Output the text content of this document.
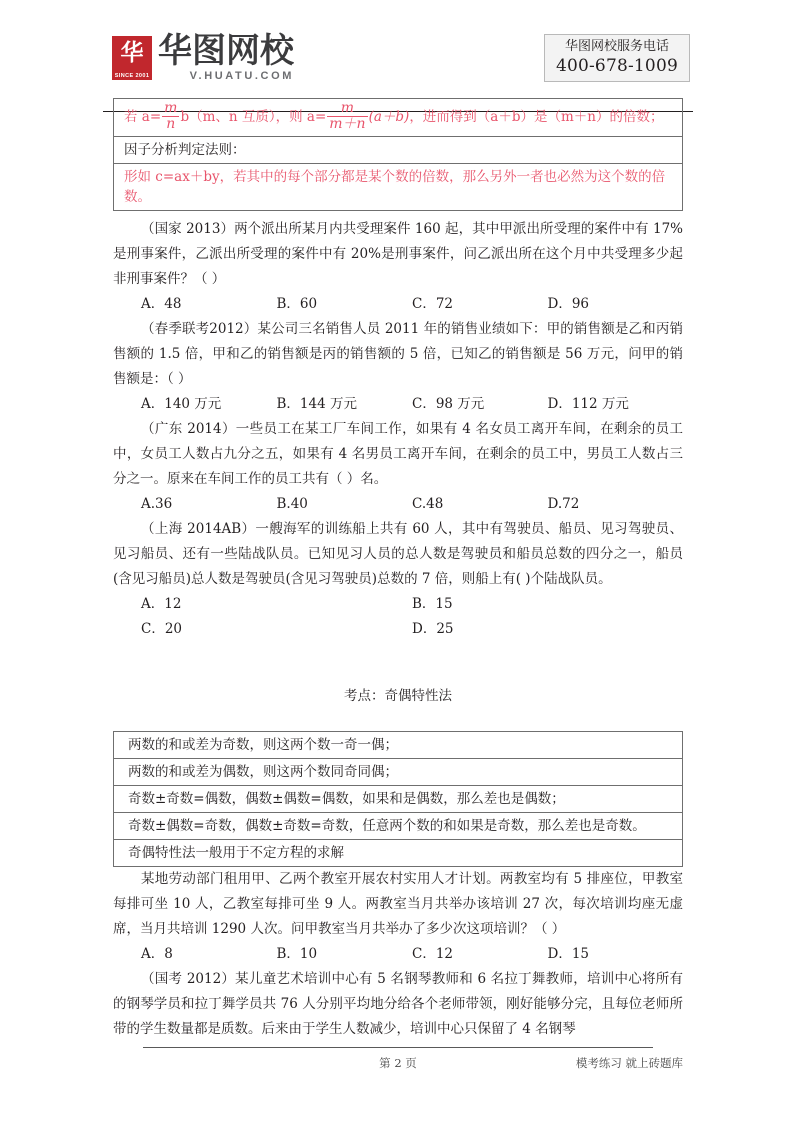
华
SINCE 2001
华图网校
V.HUATU.COM
华图网校服务电话
400-678-1009
若 $a= \frac{m}{n} b(m$、n 互质），则 $a= \frac{m}{m+n} (a+b)$，进而得到（a＋b）是（m＋n）的倍数；
因子分析判定法则：
形如 c=ax＋by，若其中的每个部分都是某个数的倍数，那么另外一者也必然为这个数的倍数。

（国家 2013）两个派出所某月内共受理案件 160 起，其中甲派出所受理的案件中有 17%是刑事案件，乙派出所受理的案件中有 20%是刑事案件，问乙派出所在这个月中共受理多少起非刑事案件？（ ）

A．48	B．60	C．72	D．96

（春季联考2012）某公司三名销售人员 2011 年的销售业绩如下：甲的销售额是乙和丙销售额的 1.5 倍，甲和乙的销售额是丙的销售额的 5 倍，已知乙的销售额是 56 万元，问甲的销售额是：（ ）

A．140 万元	B．144 万元	C．98 万元	D．112 万元

（广东 2014）一些员工在某工厂车间工作，如果有 4 名女员工离开车间，在剩余的员工中，女员工人数占九分之五，如果有 4 名男员工离开车间，在剩余的员工中，男员工人数占三分之一。原来在车间工作的员工共有（ ）名。

A.36	B.40	C.48	D.72

（上海 2014AB）一艘海军的训练船上共有 60 人，其中有驾驶员、船员、见习驾驶员、见习船员、还有一些陆战队员。已知见习人员的总人数是驾驶员和船员总数的四分之一，船员(含见习船员)总人数是驾驶员(含见习驾驶员)总数的 7 倍，则船上有( )个陆战队员。

A．12	B．15
C．20	D．25

考点：奇偶特性法

两数的和或差为奇数，则这两个数一奇一偶；
两数的和或差为偶数，则这两个数同奇同偶；
奇数±奇数=偶数，偶数±偶数=偶数，如果和是偶数，那么差也是偶数；
奇数±偶数=奇数，偶数±奇数=奇数，任意两个数的和如果是奇数，那么差也是奇数。
奇偶特性法一般用于不定方程的求解

某地劳动部门租用甲、乙两个教室开展农村实用人才计划。两教室均有 5 排座位，甲教室每排可坐 10 人，乙教室每排可坐 9 人。两教室当月共举办该培训 27 次，每次培训均座无虚席，当月共培训 1290 人次。问甲教室当月共举办了多少次这项培训？（ ）

A．8	B．10	C．12	D．15

（国考 2012）某儿童艺术培训中心有 5 名钢琴教师和 6 名拉丁舞教师，培训中心将所有的钢琴学员和拉丁舞学员共 76 人分别平均地分给各个老师带领，刚好能够分完，且每位老师所带的学生数量都是质数。后来由于学生人数减少，培训中心只保留了 4 名钢琴

第 2 页	模考练习 就上砖题库
